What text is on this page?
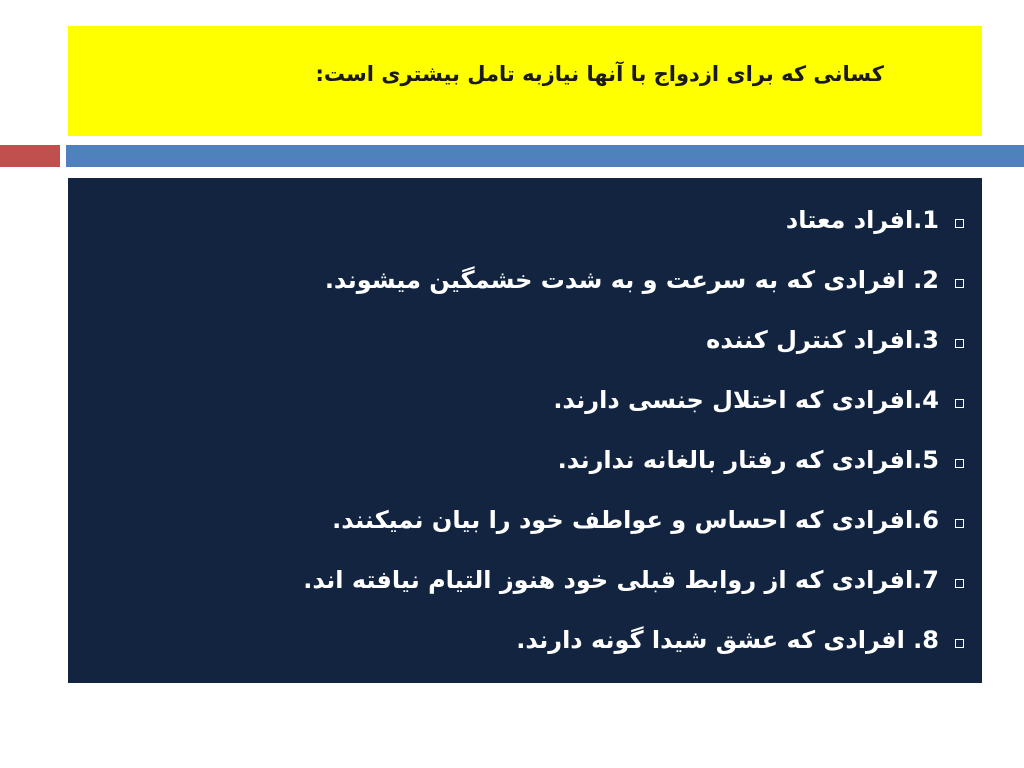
کسانی که برای ازدواج با آنها نیازبه تامل بیشتری است:
1.افراد معتاد
2. افرادی که به سرعت و به شدت خشمگین میشوند.
3.افراد کنترل کننده
4.افرادی که اختلال جنسی دارند.
5.افرادی که رفتار بالغانه ندارند.
6.افرادی که احساس و عواطف خود را بیان نمیکنند.
7.افرادی که از روابط قبلی خود هنوز التیام نیافته اند.
8. افرادی که عشق شیدا گونه دارند.
